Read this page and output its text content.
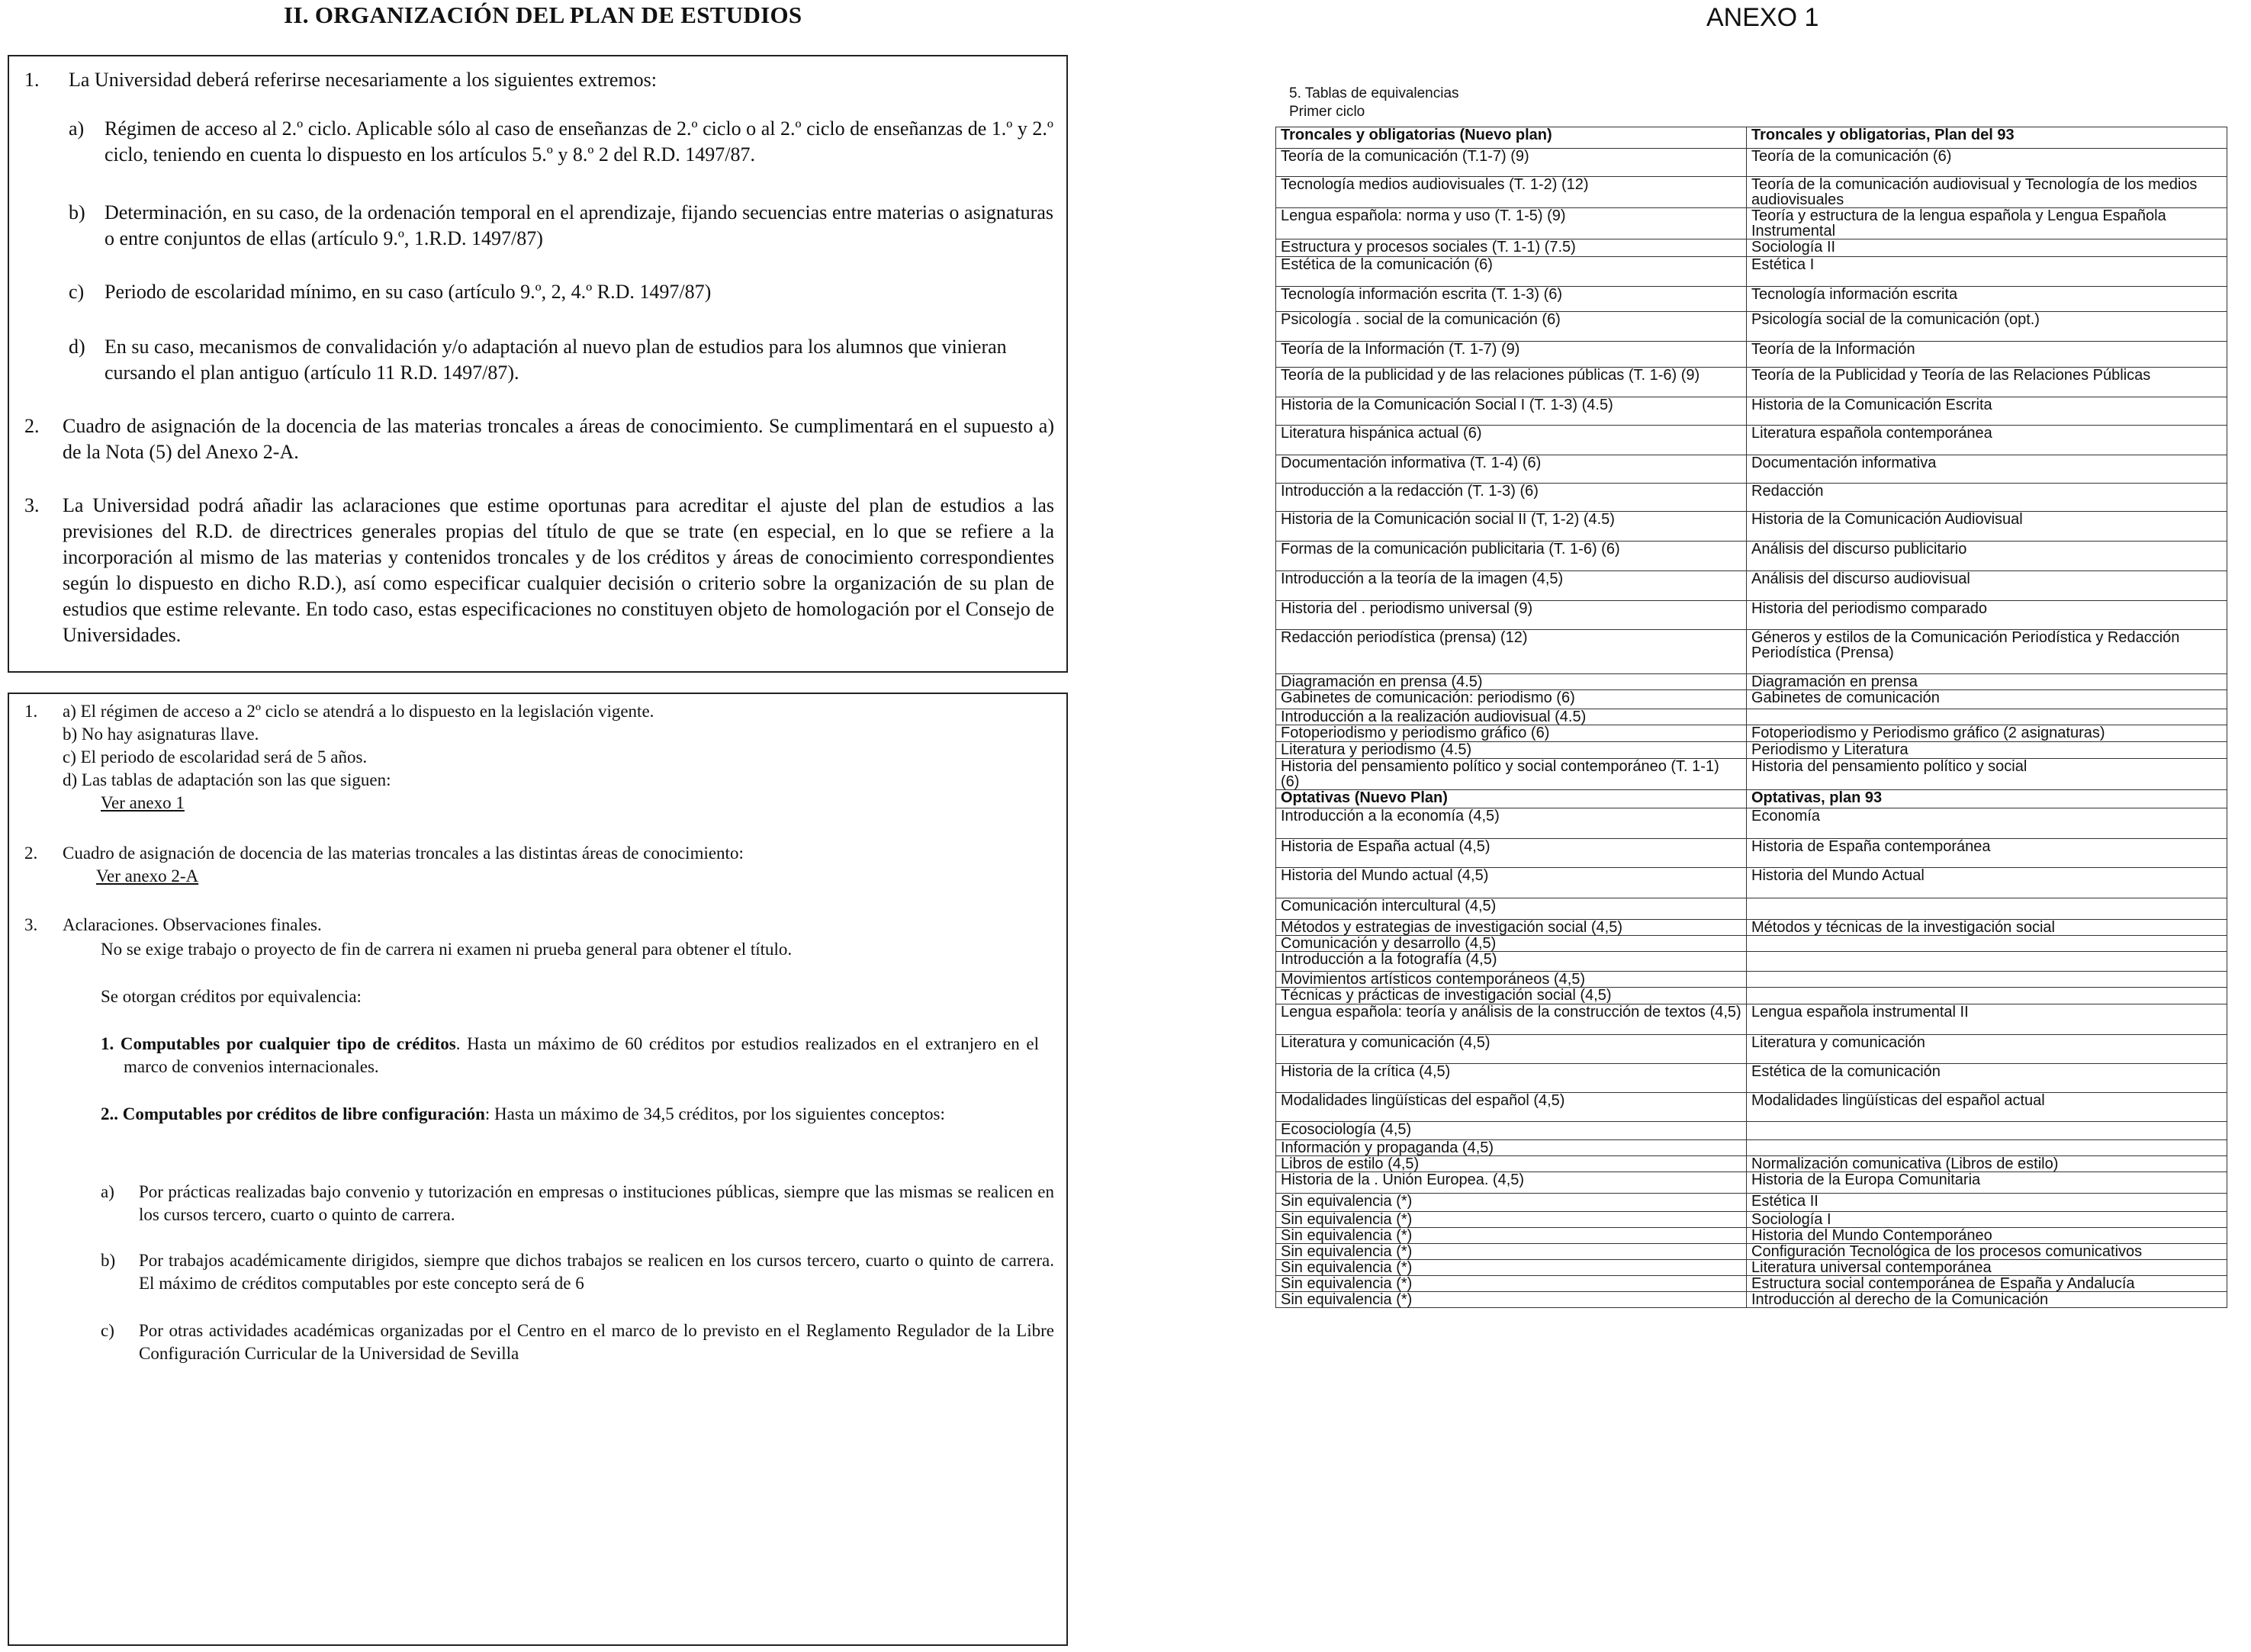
II. ORGANIZACIÓN DEL PLAN DE ESTUDIOS
1. La Universidad deberá referirse necesariamente a los siguientes extremos:

a) Régimen de acceso al 2.º ciclo. Aplicable sólo al caso de enseñanzas de 2.º ciclo o al 2.º ciclo de enseñanzas de 1.º y 2.º ciclo, teniendo en cuenta lo dispuesto en los artículos 5.º y 8.º 2 del R.D. 1497/87.

b) Determinación, en su caso, de la ordenación temporal en el aprendizaje, fijando secuencias entre materias o asignaturas o entre conjuntos de ellas (artículo 9.º, 1.R.D. 1497/87)

c) Periodo de escolaridad mínimo, en su caso (artículo 9.º, 2, 4.º R.D. 1497/87)

d) En su caso, mecanismos de convalidación y/o adaptación al nuevo plan de estudios para los alumnos que vinieran cursando el plan antiguo (artículo 11 R.D. 1497/87).

2. Cuadro de asignación de la docencia de las materias troncales a áreas de conocimiento. Se cumplimentará en el supuesto a) de la Nota (5) del Anexo 2-A.

3. La Universidad podrá añadir las aclaraciones que estime oportunas para acreditar el ajuste del plan de estudios a las previsiones del R.D. de directrices generales propias del título de que se trate (en especial, en lo que se refiere a la incorporación al mismo de las materias y contenidos troncales y de los créditos y áreas de conocimiento correspondientes según lo dispuesto en dicho R.D.), así como especificar cualquier decisión o criterio sobre la organización de su plan de estudios que estime relevante. En todo caso, estas especificaciones no constituyen objeto de homologación por el Consejo de Universidades.

1. a) El régimen de acceso a 2º ciclo se atendrá a lo dispuesto en la legislación vigente.

b) No hay asignaturas llave.

c) El periodo de escolaridad será de 5 años.

d) Las tablas de adaptación son las que siguen:

Ver anexo 1

2. Cuadro de asignación de docencia de las materias troncales a las distintas áreas de conocimiento:

Ver anexo 2-A

3. Aclaraciones. Observaciones finales.

No se exige trabajo o proyecto de fin de carrera ni examen ni prueba general para obtener el título.

Se otorgan créditos por equivalencia:

1. Computables por cualquier tipo de créditos. Hasta un máximo de 60 créditos por estudios realizados en el extranjero en el marco de convenios internacionales.

2.. Computables por créditos de libre configuración: Hasta un máximo de 34,5 créditos, por los siguientes conceptos:

a) Por prácticas realizadas bajo convenio y tutorización en empresas o instituciones públicas, siempre que las mismas se realicen en los cursos tercero, cuarto o quinto de carrera.

b) Por trabajos académicamente dirigidos, siempre que dichos trabajos se realicen en los cursos tercero, cuarto o quinto de carrera. El máximo de créditos computables por este concepto será de 6

c) Por otras actividades académicas organizadas por el Centro en el marco de lo previsto en el Reglamento Regulador de la Libre Configuración Curricular de la Universidad de Sevilla

ANEXO 1
5. Tablas de equivalencias
Primer ciclo
Troncales y obligatorias (Nuevo plan)	Troncales y obligatorias, Plan del 93
Teoría de la comunicación (T.1-7) (9)	Teoría de la comunicación (6)
Tecnología medios audiovisuales (T. 1-2) (12)	Teoría de la comunicación audiovisual y Tecnología de los medios audiovisuales
Lengua española: norma y uso (T. 1-5) (9)	Teoría y estructura de la lengua española y Lengua Española Instrumental
Estructura y procesos sociales (T. 1-1) (7.5)	Sociología II
Estética de la comunicación (6)	Estética I
Tecnología información escrita (T. 1-3) (6)	Tecnología información escrita
Psicología . social de la comunicación (6)	Psicología social de la comunicación (opt.)
Teoría de la Información (T. 1-7) (9)	Teoría de la Información
Teoría de la publicidad y de las relaciones públicas (T. 1-6) (9)	Teoría de la Publicidad y Teoría de las Relaciones Públicas
Historia de la Comunicación Social I (T. 1-3) (4.5)	Historia de la Comunicación Escrita
Literatura hispánica actual (6)	Literatura española contemporánea
Documentación informativa (T. 1-4) (6)	Documentación informativa
Introducción a la redacción (T. 1-3) (6)	Redacción
Historia de la Comunicación social II (T, 1-2) (4.5)	Historia de la Comunicación Audiovisual
Formas de la comunicación publicitaria (T. 1-6) (6)	Análisis del discurso publicitario
Introducción a la teoría de la imagen (4,5)	Análisis del discurso audiovisual
Historia del . periodismo universal (9)	Historia del periodismo comparado
Redacción periodística (prensa) (12)	Géneros y estilos de la Comunicación Periodística y Redacción Periodística (Prensa)
Diagramación en prensa (4.5)	Diagramación en prensa
Gabinetes de comunicación: periodismo (6)	Gabinetes de comunicación
Introducción a la realización audiovisual (4.5)	
Fotoperiodismo y periodismo gráfico (6)	Fotoperiodismo y Periodismo gráfico (2 asignaturas)
Literatura y periodismo (4.5)	Periodismo y Literatura
Historia del pensamiento político y social contemporáneo (T. 1-1) (6)	Historia del pensamiento político y social
Optativas (Nuevo Plan)	Optativas, plan 93
Introducción a la economía (4,5)	Economía
Historia de España actual (4,5)	Historia de España contemporánea
Historia del Mundo actual (4,5)	Historia del Mundo Actual
Comunicación intercultural (4,5)	
Métodos y estrategias de investigación social (4,5)	Métodos y técnicas de la investigación social
Comunicación y desarrollo (4,5)	
Introducción a la fotografía (4,5)	
Movimientos artísticos contemporáneos (4,5)	
Técnicas y prácticas de investigación social (4,5)	
Lengua española: teoría y análisis de la construcción de textos (4,5)	Lengua española instrumental II
Literatura y comunicación (4,5)	Literatura y comunicación
Historia de la crítica (4,5)	Estética de la comunicación
Modalidades lingüísticas del español (4,5)	Modalidades lingüísticas del español actual
Ecosociología (4,5)	
Información y propaganda (4,5)	
Libros de estilo (4,5)	Normalización comunicativa (Libros de estilo)
Historia de la . Unión Europea. (4,5)	Historia de la Europa Comunitaria
Sin equivalencia (*)	Estética II
Sin equivalencia (*)	Sociología I
Sin equivalencia (*)	Historia del Mundo Contemporáneo
Sin equivalencia (*)	Configuración Tecnológica de los procesos comunicativos
Sin equivalencia (*)	Literatura universal contemporánea
Sin equivalencia (*)	Estructura social contemporánea de España y Andalucía
Sin equivalencia (*)	Introducción al derecho de la Comunicación
